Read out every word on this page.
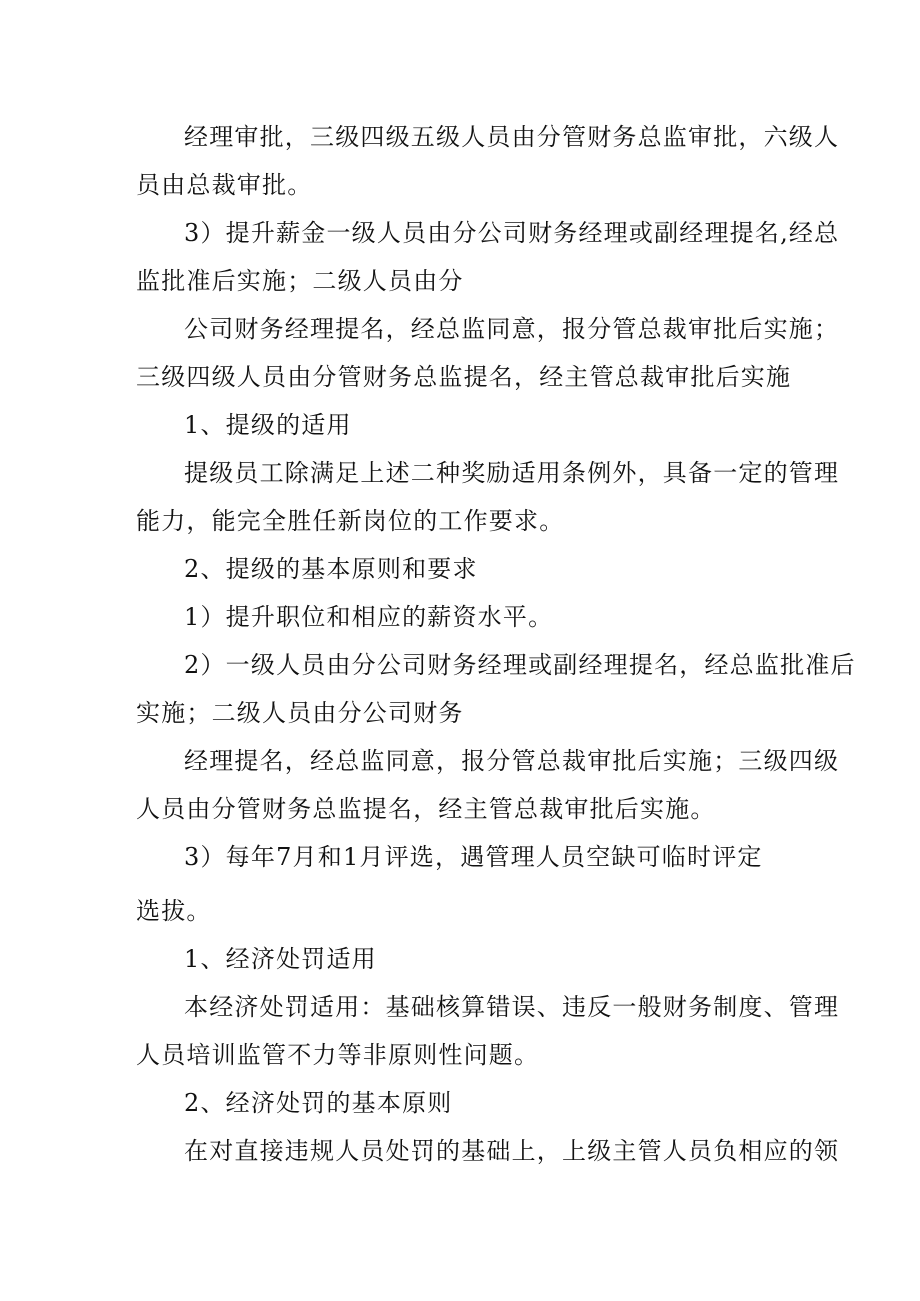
经理审批，三级四级五级人员由分管财务总监审批，六级人
员由总裁审批。
3）提升薪金一级人员由分公司财务经理或副经理提名,经总
监批准后实施；二级人员由分
公司财务经理提名，经总监同意，报分管总裁审批后实施；
三级四级人员由分管财务总监提名，经主管总裁审批后实施
1、提级的适用
提级员工除满足上述二种奖励适用条例外，具备一定的管理
能力，能完全胜任新岗位的工作要求。
2、提级的基本原则和要求
1）提升职位和相应的薪资水平。
2）一级人员由分公司财务经理或副经理提名，经总监批准后
实施；二级人员由分公司财务
经理提名，经总监同意，报分管总裁审批后实施；三级四级
人员由分管财务总监提名，经主管总裁审批后实施。
3）每年7月和1月评选，遇管理人员空缺可临时评定
选拔。
1、经济处罚适用
本经济处罚适用：基础核算错误、违反一般财务制度、管理
人员培训监管不力等非原则性问题。
2、经济处罚的基本原则
在对直接违规人员处罚的基础上，上级主管人员负相应的领
